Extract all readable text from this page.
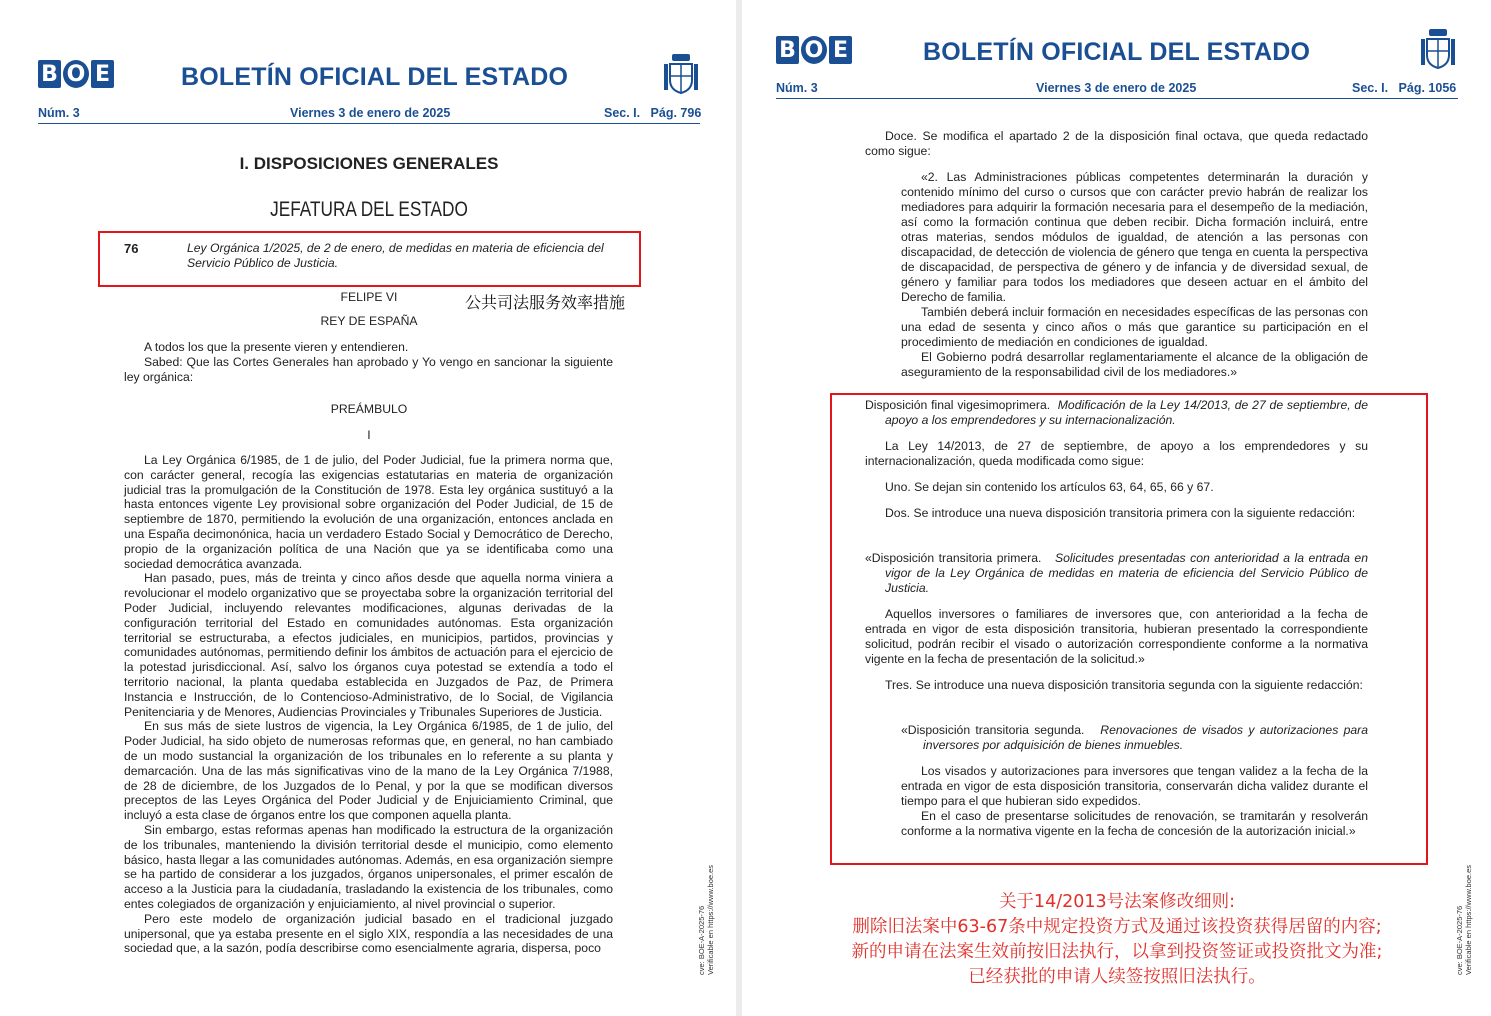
B O E	BOLETÍN OFICIAL DEL ESTADO
Núm. 3	Viernes 3 de enero de 2025	Sec. I.   Pág. 796
I. DISPOSICIONES GENERALES
JEFATURA DEL ESTADO
76	Ley Orgánica 1/2025, de 2 de enero, de medidas en materia de eficiencia del Servicio Público de Justicia.
FELIPE VI	公共司法服务效率措施
REY DE ESPAÑA

A todos los que la presente vieren y entendieren.

Sabed: Que las Cortes Generales han aprobado y Yo vengo en sancionar la siguiente ley orgánica:

PREÁMBULO
I

La Ley Orgánica 6/1985, de 1 de julio, del Poder Judicial, fue la primera norma que, con carácter general, recogía las exigencias estatutarias en materia de organización judicial tras la promulgación de la Constitución de 1978. Esta ley orgánica sustituyó a la hasta entonces vigente Ley provisional sobre organización del Poder Judicial, de 15 de septiembre de 1870, permitiendo la evolución de una organización, entonces anclada en una España decimonónica, hacia un verdadero Estado Social y Democrático de Derecho, propio de la organización política de una Nación que ya se identificaba como una sociedad democrática avanzada.

Han pasado, pues, más de treinta y cinco años desde que aquella norma viniera a revolucionar el modelo organizativo que se proyectaba sobre la organización territorial del Poder Judicial, incluyendo relevantes modificaciones, algunas derivadas de la configuración territorial del Estado en comunidades autónomas. Esta organización territorial se estructuraba, a efectos judiciales, en municipios, partidos, provincias y comunidades autónomas, permitiendo definir los ámbitos de actuación para el ejercicio de la potestad jurisdiccional. Así, salvo los órganos cuya potestad se extendía a todo el territorio nacional, la planta quedaba establecida en Juzgados de Paz, de Primera Instancia e Instrucción, de lo Contencioso-Administrativo, de lo Social, de Vigilancia Penitenciaria y de Menores, Audiencias Provinciales y Tribunales Superiores de Justicia.

En sus más de siete lustros de vigencia, la Ley Orgánica 6/1985, de 1 de julio, del Poder Judicial, ha sido objeto de numerosas reformas que, en general, no han cambiado de un modo sustancial la organización de los tribunales en lo referente a su planta y demarcación. Una de las más significativas vino de la mano de la Ley Orgánica 7/1988, de 28 de diciembre, de los Juzgados de lo Penal, y por la que se modifican diversos preceptos de las Leyes Orgánica del Poder Judicial y de Enjuiciamiento Criminal, que incluyó a esta clase de órganos entre los que componen aquella planta.

Sin embargo, estas reformas apenas han modificado la estructura de la organización de los tribunales, manteniendo la división territorial desde el municipio, como elemento básico, hasta llegar a las comunidades autónomas. Además, en esa organización siempre se ha partido de considerar a los juzgados, órganos unipersonales, el primer escalón de acceso a la Justicia para la ciudadanía, trasladando la existencia de los tribunales, como entes colegiados de organización y enjuiciamiento, al nivel provincial o superior.

Pero este modelo de organización judicial basado en el tradicional juzgado unipersonal, que ya estaba presente en el siglo XIX, respondía a las necesidades de una sociedad que, a la sazón, podía describirse como esencialmente agraria, dispersa, poco	cve: BOE-A-2025-76 Verificable en https://www.boe.es
B O E	BOLETÍN OFICIAL DEL ESTADO
Núm. 3	Viernes 3 de enero de 2025	Sec. I.   Pág. 1056

Doce. Se modifica el apartado 2 de la disposición final octava, que queda redactado como sigue:

«2. Las Administraciones públicas competentes determinarán la duración y contenido mínimo del curso o cursos que con carácter previo habrán de realizar los mediadores para adquirir la formación necesaria para el desempeño de la mediación, así como la formación continua que deben recibir. Dicha formación incluirá, entre otras materias, sendos módulos de igualdad, de atención a las personas con discapacidad, de detección de violencia de género que tenga en cuenta la perspectiva de discapacidad, de perspectiva de género y de infancia y de diversidad sexual, de género y familiar para todos los mediadores que deseen actuar en el ámbito del Derecho de familia.

También deberá incluir formación en necesidades específicas de las personas con una edad de sesenta y cinco años o más que garantice su participación en el procedimiento de mediación en condiciones de igualdad.

El Gobierno podrá desarrollar reglamentariamente el alcance de la obligación de aseguramiento de la responsabilidad civil de los mediadores.»

Disposición final vigesimoprimera. Modificación de la Ley 14/2013, de 27 de septiembre, de apoyo a los emprendedores y su internacionalización.

La Ley 14/2013, de 27 de septiembre, de apoyo a los emprendedores y su internacionalización, queda modificada como sigue:

Uno. Se dejan sin contenido los artículos 63, 64, 65, 66 y 67.

Dos. Se introduce una nueva disposición transitoria primera con la siguiente redacción:

«Disposición transitoria primera. Solicitudes presentadas con anterioridad a la entrada en vigor de la Ley Orgánica de medidas en materia de eficiencia del Servicio Público de Justicia.

Aquellos inversores o familiares de inversores que, con anterioridad a la fecha de entrada en vigor de esta disposición transitoria, hubieran presentado la correspondiente solicitud, podrán recibir el visado o autorización correspondiente conforme a la normativa vigente en la fecha de presentación de la solicitud.»

Tres. Se introduce una nueva disposición transitoria segunda con la siguiente redacción:

«Disposición transitoria segunda. Renovaciones de visados y autorizaciones para inversores por adquisición de bienes inmuebles.

Los visados y autorizaciones para inversores que tengan validez a la fecha de la entrada en vigor de esta disposición transitoria, conservarán dicha validez durante el tiempo para el que hubieran sido expedidos.

En el caso de presentarse solicitudes de renovación, se tramitarán y resolverán conforme a la normativa vigente en la fecha de concesión de la autorización inicial.»

关于14/2013号法案修改细则:
删除旧法案中63-67条中规定投资方式及通过该投资获得居留的内容;
新的申请在法案生效前按旧法执行，以拿到投资签证或投资批文为准;
已经获批的申请人续签按照旧法执行。
cve: BOE-A-2025-76 Verificable en https://www.boe.es
